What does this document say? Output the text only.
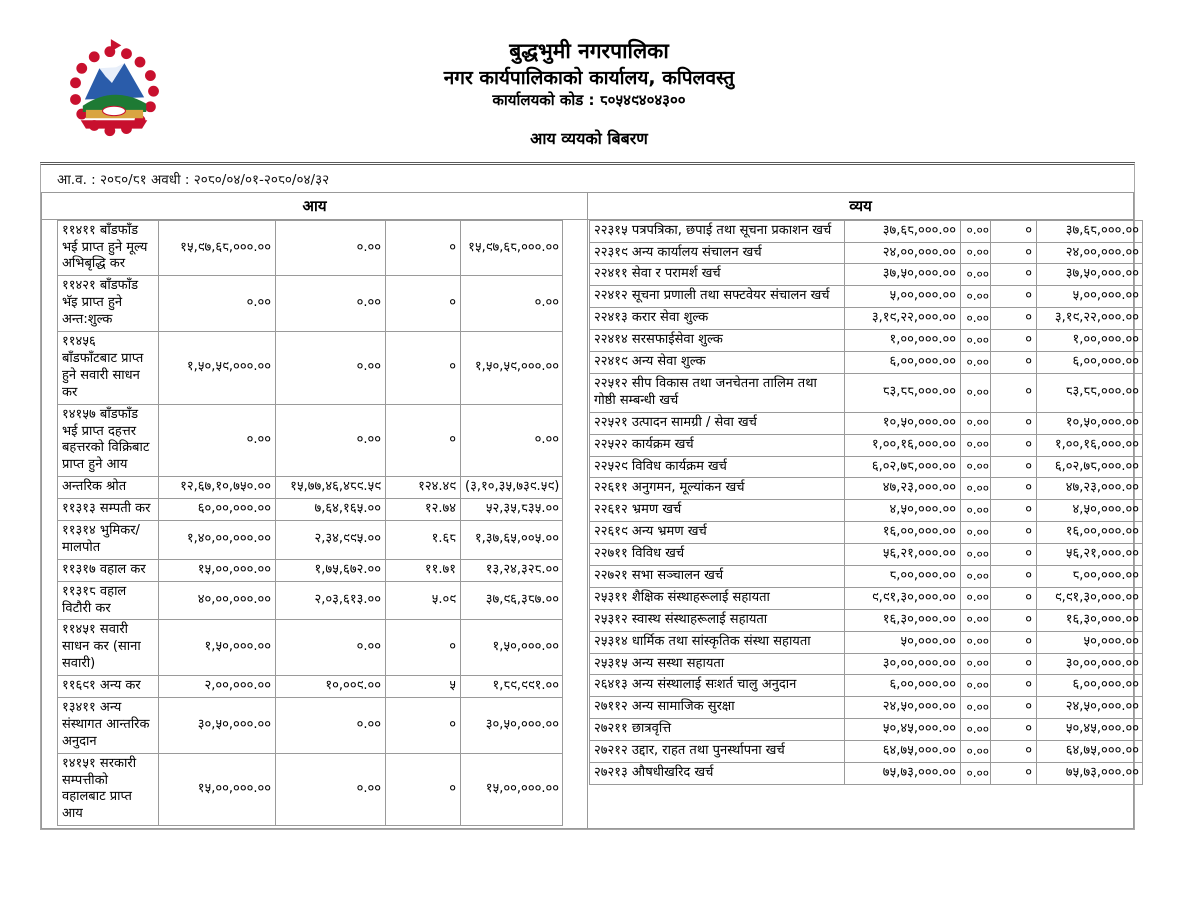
बुद्धभुमी नगरपालिका
नगर कार्यपालिकाको कार्यालय, कपिलवस्तु
कार्यालयको कोड : ८०५४९४०४३००
आय व्ययको बिबरण
आ.व. : २०८०/८१ अवधी : २०८०/०४/०१-२०८०/०४/३२
आय	व्यय

११४११ बाँडफाँड भई प्राप्त हुने मूल्य अभिबृद्धि कर	१५,९७,६८,०००.००	०.००	०	१५,९७,६८,०००.००
११४२१ बाँडफाँड भॅइ प्राप्त हुने अन्त:शुल्क	०.००	०.००	०	०.००
११४५६ बाँडफाँटबाट प्राप्त हुने सवारी साधन कर	१,५०,५९,०००.००	०.००	०	१,५०,५९,०००.००
१४१५७ बाँडफाँड भई प्राप्त दहत्तर बहत्तरको विक्रिबाट प्राप्त हुने आय	०.००	०.००	०	०.००
अन्तरिक श्रोत	१२,६७,१०,७५०.००	१५,७७,४६,४८९.५९	१२४.४९	(३,१०,३५,७३९.५९)
११३१३ सम्पती कर	६०,००,०००.००	७,६४,१६५.००	१२.७४	५२,३५,८३५.००
११३१४ भुमिकर/मालपोत	१,४०,००,०००.००	२,३४,९९५.००	१.६८	१,३७,६५,००५.००
११३१७ वहाल कर	१५,००,०००.००	१,७५,६७२.००	११.७१	१३,२४,३२८.००
११३१८ वहाल विटौरी कर	४०,००,०००.००	२,०३,६१३.००	५.०९	३७,९६,३८७.००
११४५१ सवारी साधन कर (साना सवारी)	१,५०,०००.००	०.००	०	१,५०,०००.००
११६९१ अन्य कर	२,००,०००.००	१०,००९.००	५	१,८९,९९१.००
१३४११ अन्य संस्थागत आन्तरिक अनुदान	३०,५०,०००.००	०.००	०	३०,५०,०००.००
१४१५१ सरकारी सम्पत्तीको वहालबाट प्राप्त आय	१५,००,०००.००	०.००	०	१५,००,०००.००

२२३१५ पत्रपत्रिका, छपाई तथा सूचना प्रकाशन खर्च	३७,६८,०००.००	०.००	०	३७,६८,०००.००
२२३१९ अन्य कार्यालय संचालन खर्च	२४,००,०००.००	०.००	०	२४,००,०००.००
२२४११ सेवा र परामर्श खर्च	३७,५०,०००.००	०.००	०	३७,५०,०००.००
२२४१२ सूचना प्रणाली तथा सफ्टवेयर संचालन खर्च	५,००,०००.००	०.००	०	५,००,०००.००
२२४१३ करार सेवा शुल्क	३,१९,२२,०००.००	०.००	०	३,१९,२२,०००.००
२२४१४ सरसफाईसेवा शुल्क	१,००,०००.००	०.००	०	१,००,०००.००
२२४१९ अन्य सेवा शुल्क	६,००,०००.००	०.००	०	६,००,०००.००
२२५१२ सीप विकास तथा जनचेतना तालिम तथा गोष्ठी सम्बन्धी खर्च	८३,८८,०००.००	०.००	०	८३,८८,०००.००
२२५२१ उत्पादन सामग्री / सेवा खर्च	१०,५०,०००.००	०.००	०	१०,५०,०००.००
२२५२२ कार्यक्रम खर्च	१,००,१६,०००.००	०.००	०	१,००,१६,०००.००
२२५२९ विविध कार्यक्रम खर्च	६,०२,७८,०००.००	०.००	०	६,०२,७८,०००.००
२२६११ अनुगमन, मूल्यांकन खर्च	४७,२३,०००.००	०.००	०	४७,२३,०००.००
२२६१२ भ्रमण खर्च	४,५०,०००.००	०.००	०	४,५०,०००.००
२२६१९ अन्य भ्रमण खर्च	१६,००,०००.००	०.००	०	१६,००,०००.००
२२७११ विविध खर्च	५६,२१,०००.००	०.००	०	५६,२१,०००.००
२२७२१ सभा सञ्चालन खर्च	८,००,०००.००	०.००	०	८,००,०००.००
२५३११ शैक्षिक संस्थाहरूलाई सहायता	९,९१,३०,०००.००	०.००	०	९,९१,३०,०००.००
२५३१२ स्वास्थ संस्थाहरूलाई सहायता	१६,३०,०००.००	०.००	०	१६,३०,०००.००
२५३१४ धार्मिक तथा सांस्कृतिक संस्था सहायता	५०,०००.००	०.००	०	५०,०००.००
२५३१५ अन्य सस्था सहायता	३०,००,०००.००	०.००	०	३०,००,०००.००
२६४१३ अन्य संस्थालाई सःशर्त चालु अनुदान	६,००,०००.००	०.००	०	६,००,०००.००
२७११२ अन्य सामाजिक सुरक्षा	२४,५०,०००.००	०.००	०	२४,५०,०००.००
२७२११ छात्रवृत्ति	५०,४५,०००.००	०.००	०	५०,४५,०००.००
२७२१२ उद्दार, राहत तथा पुनर्स्थापना खर्च	६४,७५,०००.००	०.००	०	६४,७५,०००.००
२७२१३ औषधीखरिद खर्च	७५,७३,०००.००	०.००	०	७५,७३,०००.००
